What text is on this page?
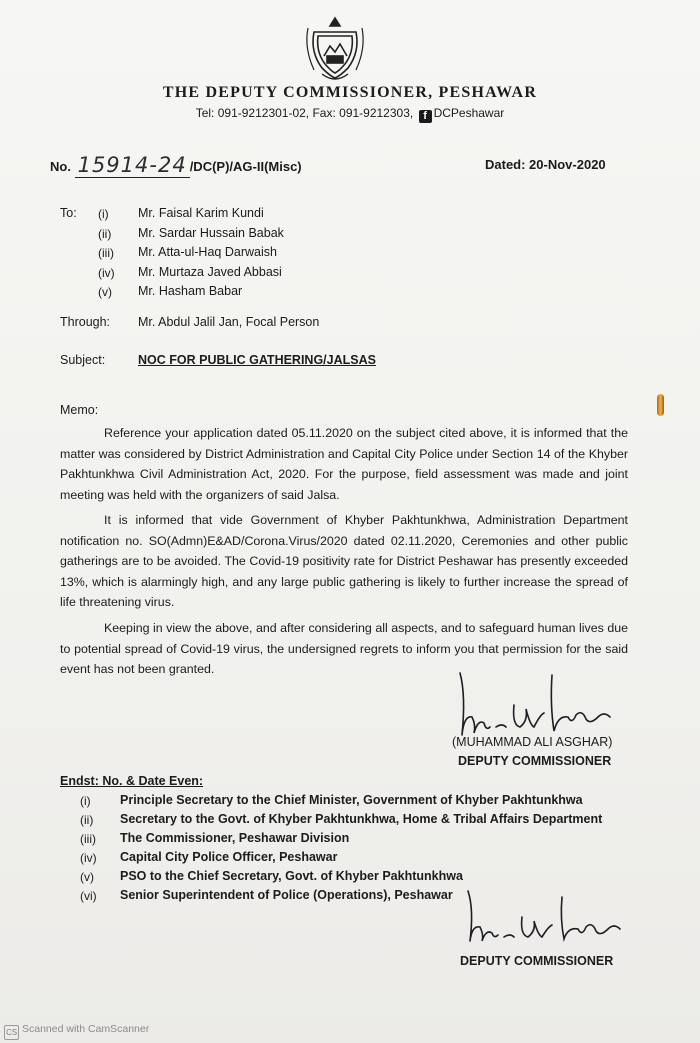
THE DEPUTY COMMISSIONER, PESHAWAR
Tel: 091-9212301-02, Fax: 091-9212303, f DCPeshawar
No. 15914-24 /DC(P)/AG-II(Misc)	Dated: 20-Nov-2020
To: (i) Mr. Faisal Karim Kundi
(ii) Mr. Sardar Hussain Babak
(iii) Mr. Atta-ul-Haq Darwaish
(iv) Mr. Murtaza Javed Abbasi
(v) Mr. Hasham Babar
Through: Mr. Abdul Jalil Jan, Focal Person
Subject:	NOC FOR PUBLIC GATHERING/JALSAS
Memo:
Reference your application dated 05.11.2020 on the subject cited above, it is informed that the matter was considered by District Administration and Capital City Police under Section 14 of the Khyber Pakhtunkhwa Civil Administration Act, 2020. For the purpose, field assessment was made and joint meeting was held with the organizers of said Jalsa.
It is informed that vide Government of Khyber Pakhtunkhwa, Administration Department notification no. SO(Admn)E&AD/Corona.Virus/2020 dated 02.11.2020, Ceremonies and other public gatherings are to be avoided. The Covid-19 positivity rate for District Peshawar has presently exceeded 13%, which is alarmingly high, and any large public gathering is likely to further increase the spread of life threatening virus.
Keeping in view the above, and after considering all aspects, and to safeguard human lives due to potential spread of Covid-19 virus, the undersigned regrets to inform you that permission for the said event has not been granted.
(MUHAMMAD ALI ASGHAR)
DEPUTY COMMISSIONER
Endst: No. & Date Even:
(i) Principle Secretary to the Chief Minister, Government of Khyber Pakhtunkhwa
(ii) Secretary to the Govt. of Khyber Pakhtunkhwa, Home & Tribal Affairs Department
(iii) The Commissioner, Peshawar Division
(iv) Capital City Police Officer, Peshawar
(v) PSO to the Chief Secretary, Govt. of Khyber Pakhtunkhwa
(vi) Senior Superintendent of Police (Operations), Peshawar
DEPUTY COMMISSIONER
CS Scanned with CamScanner
